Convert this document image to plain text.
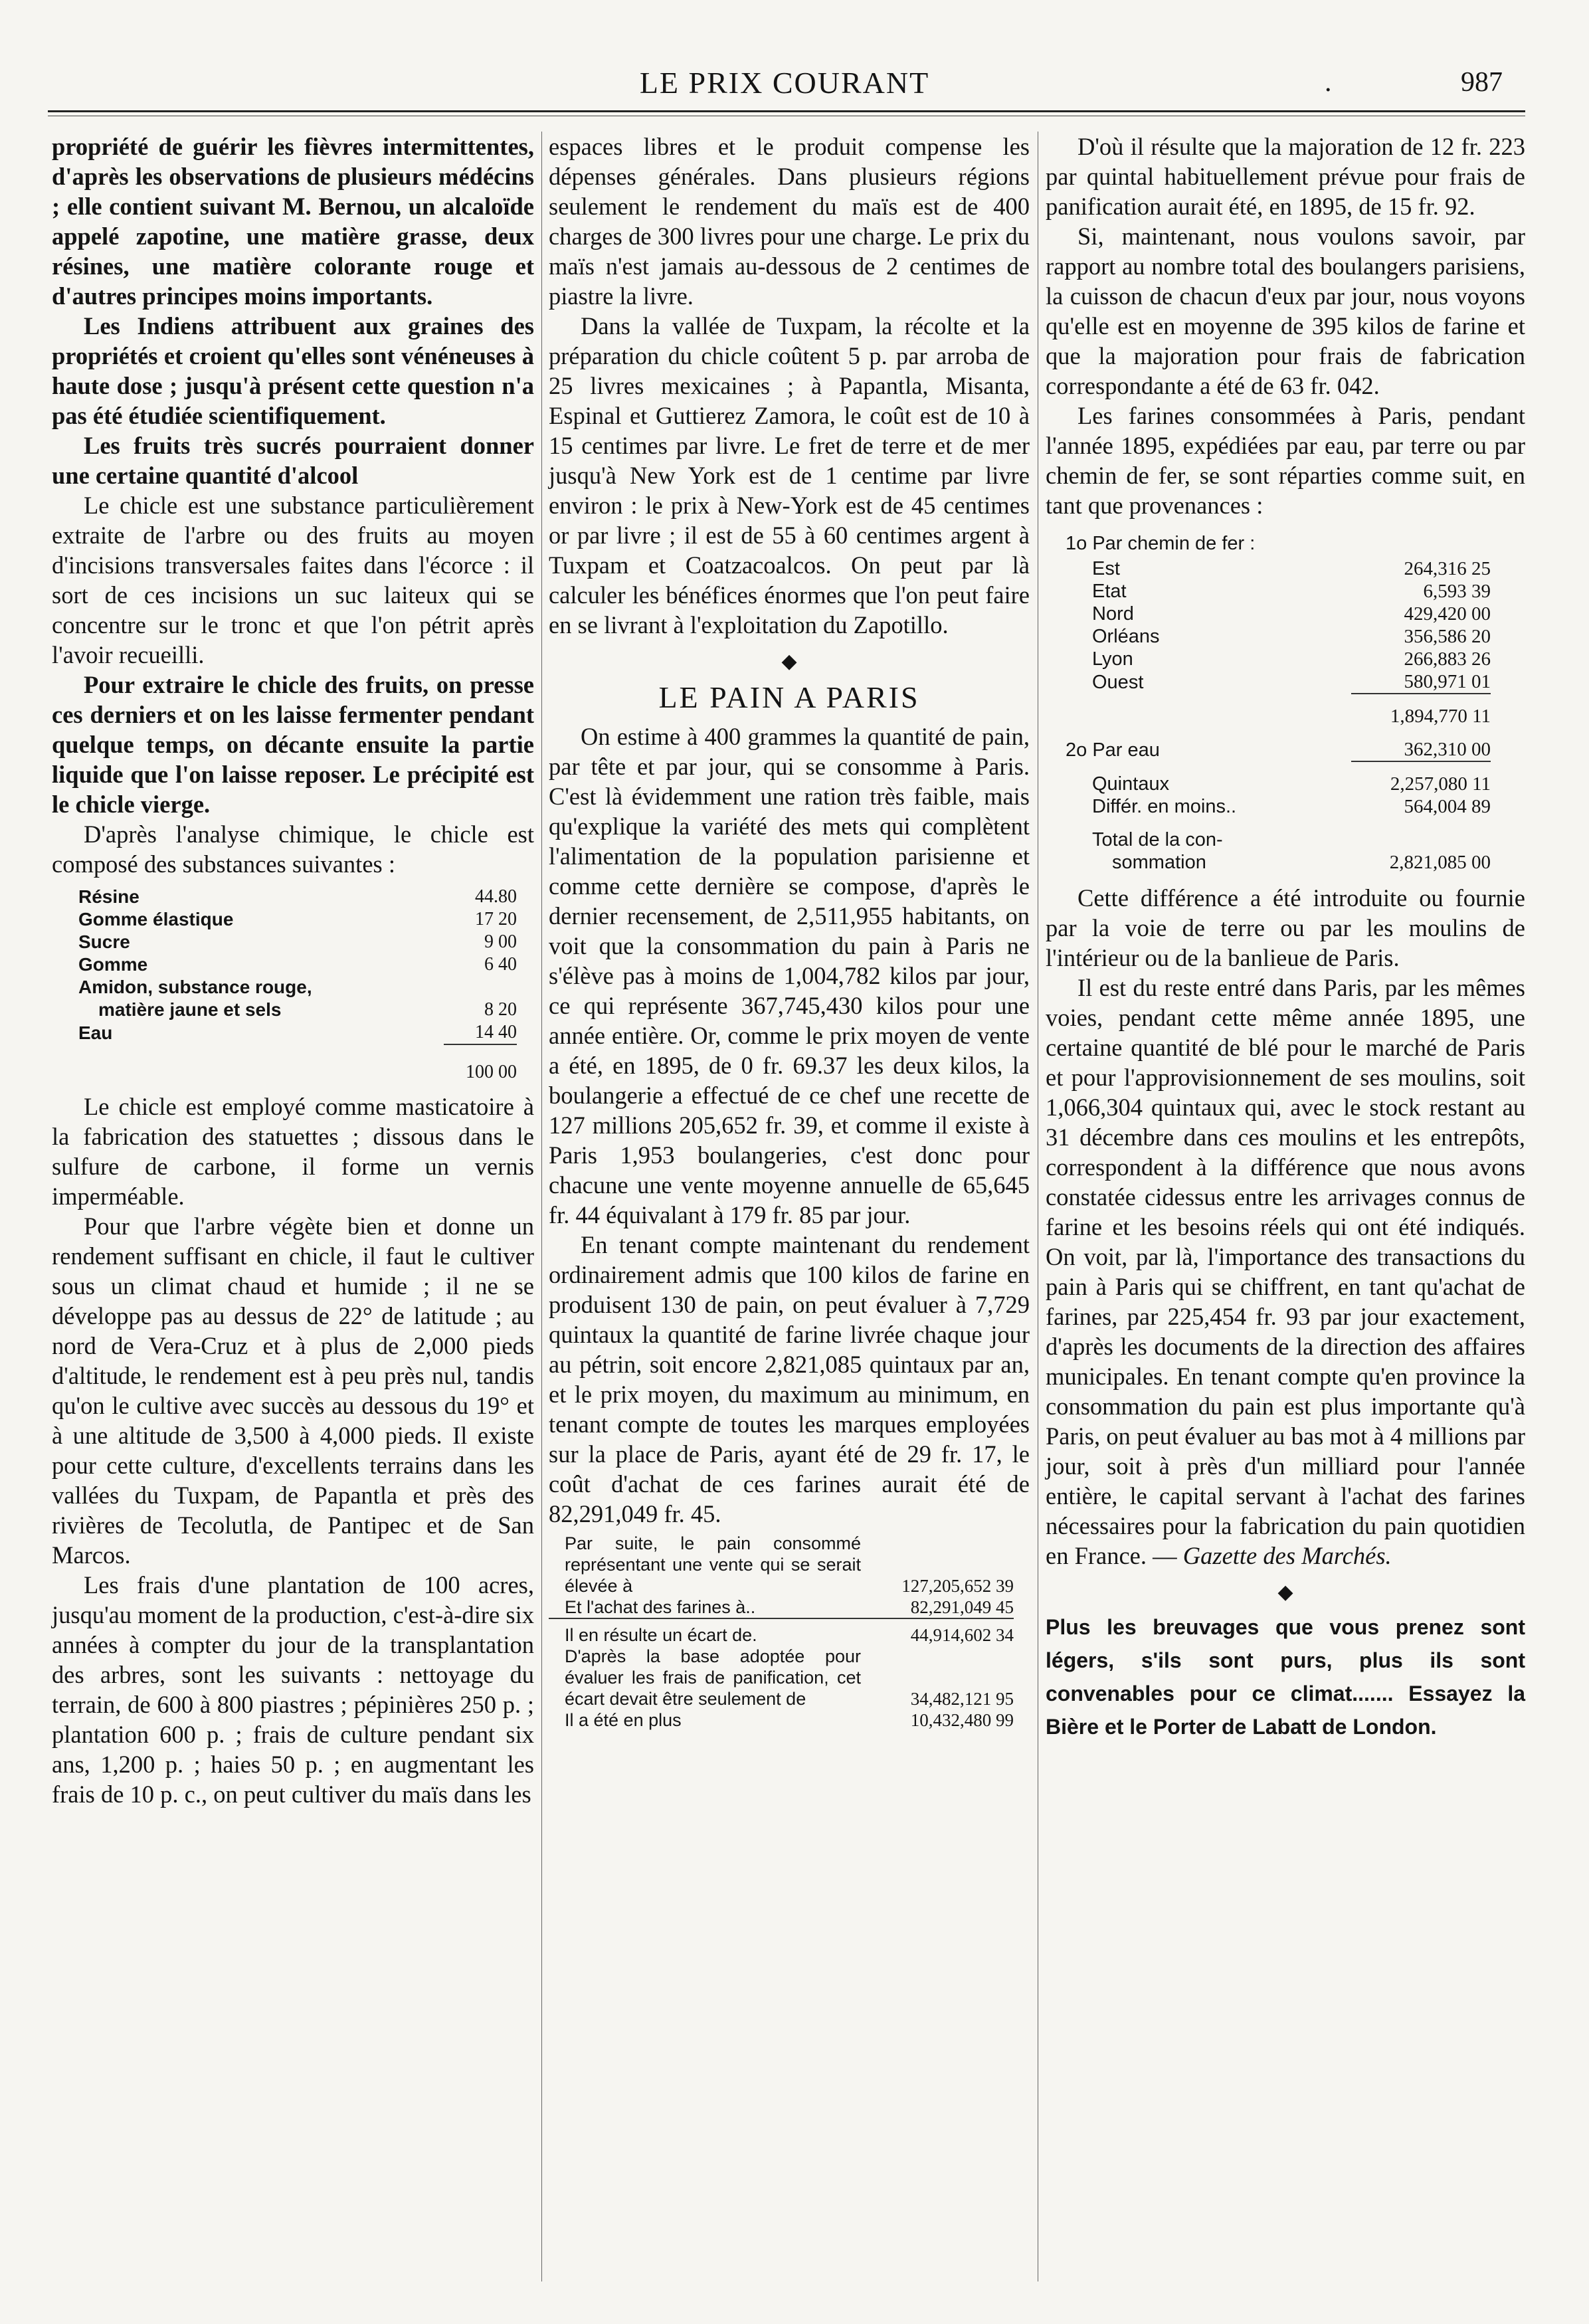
LE PRIX COURANT	.	987

propriété de guérir les fièvres intermittentes, d'après les observations de plusieurs médécins ; elle contient suivant M. Bernou, un alcaloïde appelé zapotine, une matière grasse, deux résines, une matière colorante rouge et d'autres principes moins importants.

Les Indiens attribuent aux graines des propriétés et croient qu'elles sont vénéneuses à haute dose ; jusqu'à présent cette question n'a pas été étudiée scientifiquement.

Les fruits très sucrés pourraient donner une certaine quantité d'alcool

Le chicle est une substance particulièrement extraite de l'arbre ou des fruits au moyen d'incisions transversales faites dans l'écorce : il sort de ces incisions un suc laiteux qui se concentre sur le tronc et que l'on pétrit après l'avoir recueilli.

Pour extraire le chicle des fruits, on presse ces derniers et on les laisse fermenter pendant quelque temps, on décante ensuite la partie liquide que l'on laisse reposer. Le précipité est le chicle vierge.

D'après l'analyse chimique, le chicle est composé des substances suivantes :

Résine	44.80
Gomme élastique	17 20
Sucre	9 00
Gomme	6 40
Amidon, substance rouge,	
matière jaune et sels	8 20
Eau	14 40
	100 00

Le chicle est employé comme masticatoire à la fabrication des statuettes ; dissous dans le sulfure de carbone, il forme un vernis imperméable.

Pour que l'arbre végète bien et donne un rendement suffisant en chicle, il faut le cultiver sous un climat chaud et humide ; il ne se développe pas au dessus de 22° de latitude ; au nord de Vera-Cruz et à plus de 2,000 pieds d'altitude, le rendement est à peu près nul, tandis qu'on le cultive avec succès au dessous du 19° et à une altitude de 3,500 à 4,000 pieds. Il existe pour cette culture, d'excellents terrains dans les vallées du Tuxpam, de Papantla et près des rivières de Tecolutla, de Pantipec et de San Marcos.

Les frais d'une plantation de 100 acres, jusqu'au moment de la production, c'est-à-dire six années à compter du jour de la transplantation des arbres, sont les suivants : nettoyage du terrain, de 600 à 800 piastres ; pépinières 250 p. ; plantation 600 p. ; frais de culture pendant six ans, 1,200 p. ; haies 50 p. ; en augmentant les frais de 10 p. c., on peut cultiver du maïs dans les

espaces libres et le produit compense les dépenses générales. Dans plusieurs régions seulement le rendement du maïs est de 400 charges de 300 livres pour une charge. Le prix du maïs n'est jamais au-dessous de 2 centimes de piastre la livre.

Dans la vallée de Tuxpam, la récolte et la préparation du chicle coûtent 5 p. par arroba de 25 livres mexicaines ; à Papantla, Misanta, Espinal et Guttierez Zamora, le coût est de 10 à 15 centimes par livre. Le fret de terre et de mer jusqu'à New York est de 1 centime par livre environ : le prix à New-York est de 45 centimes or par livre ; il est de 55 à 60 centimes argent à Tuxpam et Coatzacoalcos. On peut par là calculer les bénéfices énormes que l'on peut faire en se livrant à l'exploitation du Zapotillo.

◆
LE PAIN A PARIS

On estime à 400 grammes la quantité de pain, par tête et par jour, qui se consomme à Paris. C'est là évidemment une ration très faible, mais qu'explique la variété des mets qui complètent l'alimentation de la population parisienne et comme cette dernière se compose, d'après le dernier recensement, de 2,511,955 habitants, on voit que la consommation du pain à Paris ne s'élève pas à moins de 1,004,782 kilos par jour, ce qui représente 367,745,430 kilos pour une année entière. Or, comme le prix moyen de vente a été, en 1895, de 0 fr. 69.37 les deux kilos, la boulangerie a effectué de ce chef une recette de 127 millions 205,652 fr. 39, et comme il existe à Paris 1,953 boulangeries, c'est donc pour chacune une vente moyenne annuelle de 65,645 fr. 44 équivalant à 179 fr. 85 par jour.

En tenant compte maintenant du rendement ordinairement admis que 100 kilos de farine en produisent 130 de pain, on peut évaluer à 7,729 quintaux la quantité de farine livrée chaque jour au pétrin, soit encore 2,821,085 quintaux par an, et le prix moyen, du maximum au minimum, en tenant compte de toutes les marques employées sur la place de Paris, ayant été de 29 fr. 17, le coût d'achat de ces farines aurait été de 82,291,049 fr. 45.

Par suite, le pain consommé représentant une vente qui se serait élevée à	127,205,652 39
Et l'achat des farines à..	82,291,049 45

Il en résulte un écart de.	44,914,602 34
D'après la base adoptée pour évaluer les frais de panification, cet écart devait être seulement de	34,482,121 95
Il a été en plus	10,432,480 99

D'où il résulte que la majoration de 12 fr. 223 par quintal habituellement prévue pour frais de panification aurait été, en 1895, de 15 fr. 92.

Si, maintenant, nous voulons savoir, par rapport au nombre total des boulangers parisiens, la cuisson de chacun d'eux par jour, nous voyons qu'elle est en moyenne de 395 kilos de farine et que la majoration pour frais de fabrication correspondante a été de 63 fr. 042.

Les farines consommées à Paris, pendant l'année 1895, expédiées par eau, par terre ou par chemin de fer, se sont réparties comme suit, en tant que provenances :

1o Par chemin de fer :	
Est	264,316 25
Etat	6,593 39
Nord	429,420 00
Orléans	356,586 20
Lyon	266,883 26
Ouest	580,971 01
	1,894,770 11
2o Par eau	362,310 00
Quintaux	2,257,080 11
Différ. en moins..	564,004 89
Total de la con-	
sommation	2,821,085 00

Cette différence a été introduite ou fournie par la voie de terre ou par les moulins de l'intérieur ou de la banlieue de Paris.

Il est du reste entré dans Paris, par les mêmes voies, pendant cette même année 1895, une certaine quantité de blé pour le marché de Paris et pour l'approvisionnement de ses moulins, soit 1,066,304 quintaux qui, avec le stock restant au 31 décembre dans ces moulins et les entrepôts, correspondent à la différence que nous avons constatée cidessus entre les arrivages connus de farine et les besoins réels qui ont été indiqués. On voit, par là, l'importance des transactions du pain à Paris qui se chiffrent, en tant qu'achat de farines, par 225,454 fr. 93 par jour exactement, d'après les documents de la direction des affaires municipales. En tenant compte qu'en province la consommation du pain est plus importante qu'à Paris, on peut évaluer au bas mot à 4 millions par jour, soit à près d'un milliard pour l'année entière, le capital servant à l'achat des farines nécessaires pour la fabrication du pain quotidien en France. — Gazette des Marchés.

◆
Plus les breuvages que vous prenez sont légers, s'ils sont purs, plus ils sont convenables pour ce climat....... Essayez la Bière et le Porter de Labatt de London.
